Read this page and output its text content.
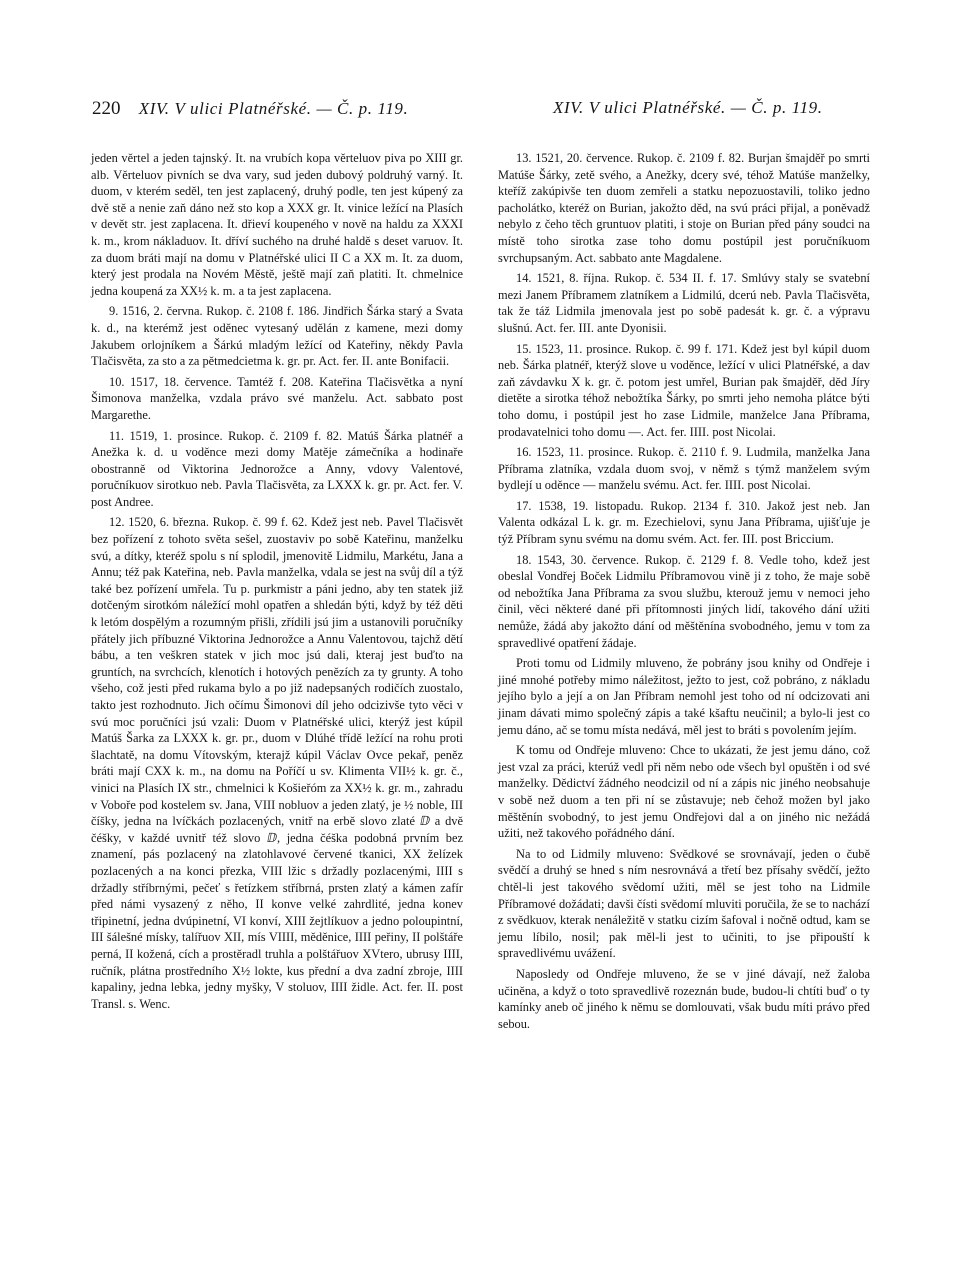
220 XIV. V ulici Platnéřské. — Č. p. 119.	XIV. V ulici Platnéřské. — Č. p. 119.

jeden věrtel a jeden tajnský. It. na vrubích kopa věrteluov piva po XIII gr. alb. Věrteluov pivních se dva vary, sud jeden dubový poldruhý varný. It. duom, v kterém seděl, ten jest zaplacený, druhý podle, ten jest kúpený za dvě stě a nenie zaň dáno než sto kop a XXX gr. It. vinice ležící na Plasích v devět str. jest zaplacena. It. dřieví koupeného v nově na haldu za XXXI k. m., krom nákladuov. It. dříví suchého na druhé haldě s deset varuov. It. za duom bráti mají na domu v Platnéřské ulici II C a XX m. It. za duom, který jest prodala na Novém Městě, ještě mají zaň platiti. It. chmelnice jedna koupená za XX½ k. m. a ta jest zaplacena.

9. 1516, 2. června. Rukop. č. 2108 f. 186. Jindřich Šárka starý a Svata k. d., na kterémž jest oděnec vytesaný udělán z kamene, mezi domy Jakubem orlojníkem a Šárkú mladým ležící od Kateřiny, někdy Pavla Tlačisvěta, za sto a za pětmedcietma k. gr. pr. Act. fer. II. ante Bonifacii.

10. 1517, 18. července. Tamtéž f. 208. Kateřina Tlačisvětka a nyní Šimonova manželka, vzdala právo své manželu. Act. sabbato post Margarethe.

11. 1519, 1. prosince. Rukop. č. 2109 f. 82. Matúš Šárka platnéř a Anežka k. d. u voděnce mezi domy Matěje zámečníka a hodinaře obostranně od Viktorina Jednorožce a Anny, vdovy Valentové, poručníkuov sirotkuo neb. Pavla Tlačisvěta, za LXXX k. gr. pr. Act. fer. V. post Andree.

12. 1520, 6. března. Rukop. č. 99 f. 62. Kdež jest neb. Pavel Tlačisvět bez pořízení z tohoto světa sešel, zuostaviv po sobě Kateřinu, manželku svú, a dítky, kteréž spolu s ní splodil, jmenovitě Lidmilu, Markétu, Jana a Annu; též pak Kateřina, neb. Pavla manželka, vdala se jest na svůj díl a týž také bez pořízení umřela. Tu p. purkmistr a páni jedno, aby ten statek již dotčeným sirotkóm náležící mohl opatřen a shledán býti, když by též děti k letóm dospělým a rozumným přišli, zřídili jsú jim a ustanovili poručníky přátely jich příbuzné Viktorina Jednorožce a Annu Valentovou, tajchž dětí bábu, a ten veškren statek v jich moc jsú dali, kteraj jest buďto na gruntích, na svrchcích, klenotích i hotových penězích za ty grunty. A toho všeho, což jesti před rukama bylo a po již nadepsaných rodičích zuostalo, takto jest rozhodnuto. Jich očímu Šimonovi díl jeho odcizivše tyto věci v svú moc poručníci jsú vzali: Duom v Platnéřské ulici, kterýž jest kúpil Matúš Šarka za LXXX k. gr. pr., duom v Dlúhé třídě ležící na rohu proti šlachtatě, na domu Vítovským, kterajž kúpil Václav Ovce pekař, peněz bráti mají CXX k. m., na domu na Poříčí u sv. Klimenta VII½ k. gr. č., vinici na Plasích IX str., chmelnici k Košieřóm za XX½ k. gr. m., zahradu v Voboře pod kostelem sv. Jana, VIII nobluov a jeden zlatý, je ½ noble, III číšky, jedna na lvíčkách pozlacených, vnitř na erbě slovo zlaté ⅅ a dvě čéšky, v každé uvnitř též slovo ⅅ, jedna čéška podobná prvním bez znamení, pás pozlacený na zlatohlavové červené tkanici, XX želízek pozlacených a na konci přezka, VIII lžic s držadly pozlacenými, IIII s držadly stříbrnými, pečeť s řetízkem stříbrná, prsten zlatý a kámen zafír před námi vysazený z něho, II konve velké zahrdlité, jedna konev třipinetní, jedna dvúpinetní, VI konví, XIII žejtlíkuov a jedno poloupintní, III šálešné mísky, talířuov XII, mís VIIII, měděnice, IIII peřiny, II polštáře perná, II kožená, cích a prostěradl truhla a polštářuov XVtero, ubrusy IIII, ručník, plátna prostředního X½ lokte, kus přední a dva zadní zbroje, IIII kapaliny, jedna lebka, jedny myšky, V stoluov, IIII židle. Act. fer. II. post Transl. s. Wenc.

13. 1521, 20. července. Rukop. č. 2109 f. 82. Burjan šmajděř po smrti Matúše Šárky, zetě svého, a Anežky, dcery své, téhož Matúše manželky, kteříž zakúpivše ten duom zemřeli a statku nepozuostavili, toliko jedno pacholátko, kteréž on Burian, jakožto děd, na svú práci přijal, a poněvadž nebylo z čeho těch gruntuov platiti, i stoje on Burian před pány soudci na místě toho sirotka zase toho domu postúpil jest poručníkuom svrchupsaným. Act. sabbato ante Magdalene.

14. 1521, 8. října. Rukop. č. 534 II. f. 17. Smlúvy staly se svatební mezi Janem Příbramem zlatníkem a Lidmilú, dcerú neb. Pavla Tlačisvěta, tak že táž Lidmila jmenovala jest po sobě padesát k. gr. č. a výpravu slušnú. Act. fer. III. ante Dyonisii.

15. 1523, 11. prosince. Rukop. č. 99 f. 171. Kdež jest byl kúpil duom neb. Šárka platnéř, kterýž slove u voděnce, ležící v ulici Platnéřské, a dav zaň závdavku X k. gr. č. potom jest umřel, Burian pak šmajděř, děd Jíry dietěte a sirotka téhož nebožtíka Šárky, po smrti jeho nemoha plátce býti toho domu, i postúpil jest ho zase Lidmile, manželce Jana Příbrama, prodavatelnici toho domu —. Act. fer. IIII. post Nicolai.

16. 1523, 11. prosince. Rukop. č. 2110 f. 9. Ludmila, manželka Jana Příbrama zlatníka, vzdala duom svoj, v němž s týmž manželem svým bydlejí u oděnce — manželu svému. Act. fer. IIII. post Nicolai.

17. 1538, 19. listopadu. Rukop. 2134 f. 310. Jakož jest neb. Jan Valenta odkázal L k. gr. m. Ezechielovi, synu Jana Příbrama, ujišťuje je týž Příbram synu svému na domu svém. Act. fer. III. post Briccium.

18. 1543, 30. července. Rukop. č. 2129 f. 8. Vedle toho, kdež jest obeslal Vondřej Boček Lidmilu Příbramovou vině ji z toho, že maje sobě od nebožtíka Jana Příbrama za svou službu, kterouž jemu v nemoci jeho činil, věci některé dané při přítomnosti jiných lidí, takového dání užiti nemůže, žádá aby jakožto dání od měštěnína svobodného, jemu v tom za spravedlivé opatření žádaje.

Proti tomu od Lidmily mluveno, že pobrány jsou knihy od Ondřeje i jiné mnohé potřeby mimo náležitost, ježto to jest, což pobráno, z nákladu jejího bylo a její a on Jan Příbram nemohl jest toho od ní odcizovati ani jinam dávati mimo společný zápis a také kšaftu neučinil; a bylo-li jest co jemu dáno, ač se tomu místa nedává, měl jest to bráti s povolením jejím.

K tomu od Ondřeje mluveno: Chce to ukázati, že jest jemu dáno, což jest vzal za práci, kterúž vedl při něm nebo ode všech byl opuštěn i od své manželky. Dědictví žádného neodcizil od ní a zápis nic jiného neobsahuje v sobě než duom a ten při ní se zůstavuje; neb čehož možen byl jako měštěnín svobodný, to jest jemu Ondřejovi dal a on jiného nic nežádá užiti, než takového pořádného dání.

Na to od Lidmily mluveno: Svědkové se srovnávají, jeden o čubě svědčí a druhý se hned s ním nesrovnává a třetí bez přísahy svědčí, ježto chtěl-li jest takového svědomí užiti, měl se jest toho na Lidmile Příbramové dožádati; davši čísti svědomí mluviti poručila, že se to nachází z svědkuov, kterak nenáležitě v statku cizím šafoval i nočně odtud, kam se jemu líbilo, nosil; pak měl-li jest to učiniti, to jse připouští k spravedlivému uvážení.

Naposledy od Ondřeje mluveno, že se v jiné dávají, než žaloba učiněna, a když o toto spravedlivě rozeznán bude, budou-li chtíti buď o ty kamínky aneb oč jiného k němu se domlouvati, však budu míti právo před sebou.
